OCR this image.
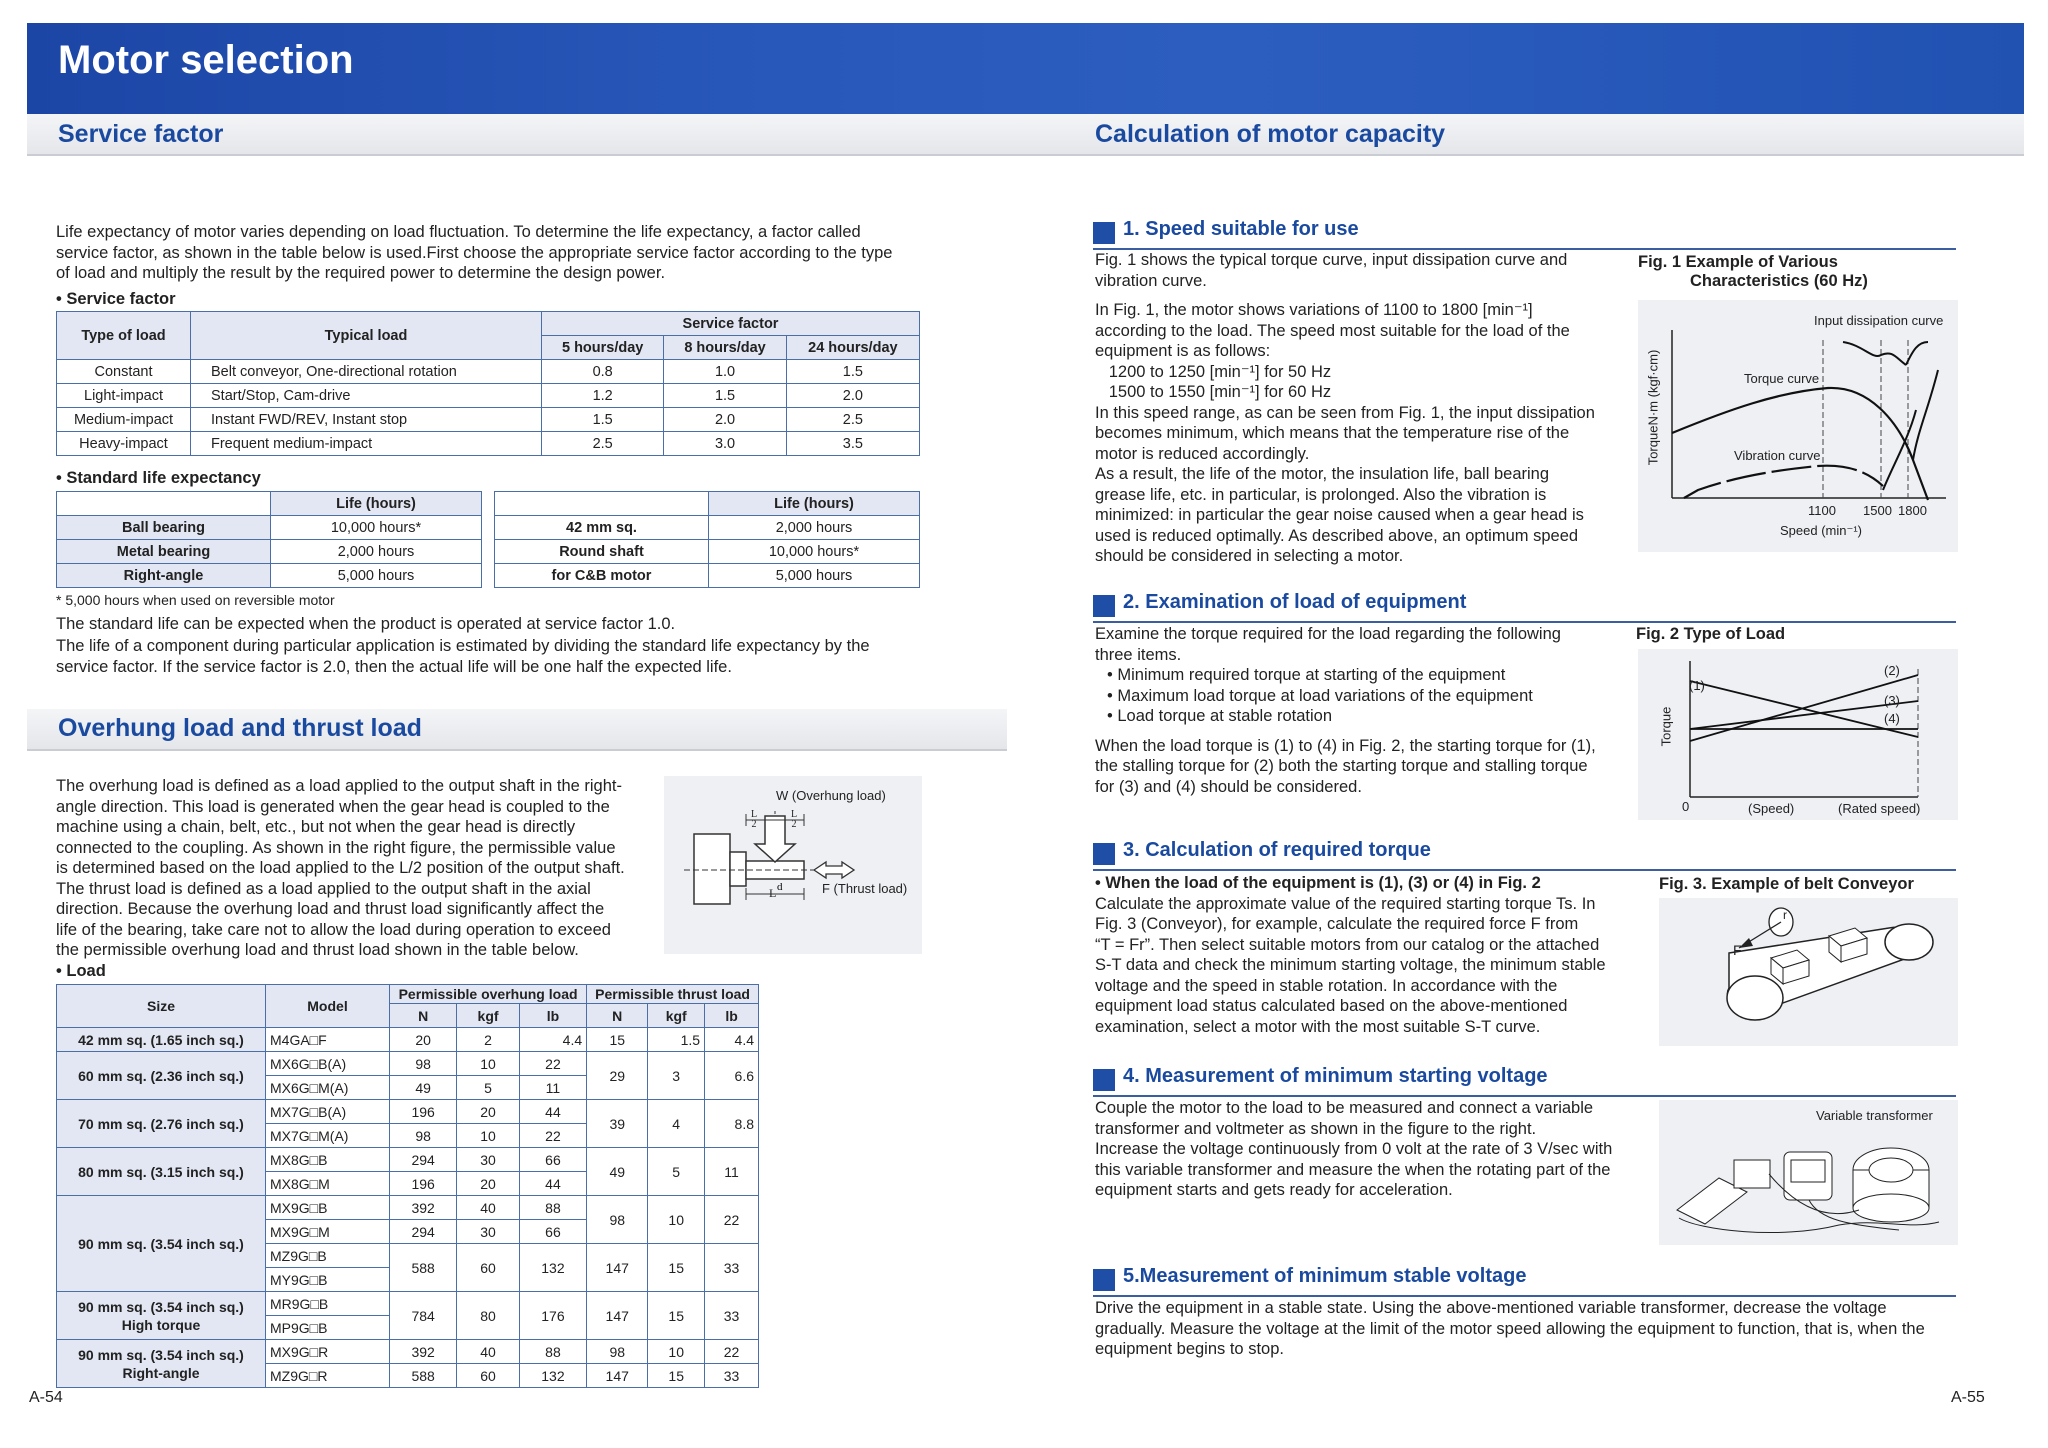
Motor selection
Service factor	Calculation of motor capacity
Life expectancy of motor varies depending on load fluctuation. To determine the life expectancy, a factor called
service factor, as shown in the table below is used.First choose the appropriate service factor according to the type
of load and multiply the result by the required power to determine the design power.
• Service factor
Type of load	Typical load	Service factor		
		5 hours/day	8 hours/day	24 hours/day
Constant	Belt conveyor, One-directional rotation	0.8	1.0	1.5
Light-impact	Start/Stop, Cam-drive	1.2	1.5	2.0
Medium-impact	Instant FWD/REV, Instant stop	1.5	2.0	2.5
Heavy-impact	Frequent medium-impact	2.5	3.0	3.5
• Standard life expectancy
	Life (hours)
Ball bearing	10,000 hours*
Metal bearing	2,000 hours
Right-angle	5,000 hours
	Life (hours)
42 mm sq.	2,000 hours
Round shaft	10,000 hours*
for C&B motor	5,000 hours
* 5,000 hours when used on reversible motor
The standard life can be expected when the product is operated at service factor 1.0.
The life of a component during particular application is estimated by dividing the standard life expectancy by the
service factor. If the service factor is 2.0, then the actual life will be one half the expected life.
Overhung load and thrust load
The overhung load is defined as a load applied to the output shaft in the right-
angle direction. This load is generated when the gear head is coupled to the
machine using a chain, belt, etc., but not when the gear head is directly
connected to the coupling. As shown in the right figure, the permissible value
is determined based on the load applied to the L/2 position of the output shaft.
The thrust load is defined as a load applied to the output shaft in the axial
direction. Because the overhung load and thrust load significantly affect the
life of the bearing, take care not to allow the load during operation to exceed
the permissible overhung load and thrust load shown in the table below.
d
W (Overhung load)
F (Thrust load)
L
L
2
L
2
• Load
Size	Model	Permissible overhung load			Permissible thrust load		
		N	kgf	lb	N	kgf	lb
42 mm sq. (1.65 inch sq.)	M4GA□F	20	2	4.4	15	1.5	4.4
60 mm sq. (2.36 inch sq.)	MX6G□B(A)	98	10	22	29	3	6.6
	MX6G□M(A)	49	5	11			
70 mm sq. (2.76 inch sq.)	MX7G□B(A)	196	20	44	39	4	8.8
	MX7G□M(A)	98	10	22			
80 mm sq. (3.15 inch sq.)	MX8G□B	294	30	66	49	5	11
	MX8G□M	196	20	44			
90 mm sq. (3.54 inch sq.)	MX9G□B	392	40	88	98	10	22
	MX9G□M	294	30	66			
	MZ9G□B	588	60	132	147	15	33
	MY9G□B						

90 mm sq. (3.54 inch sq.)
High torque	MR9G□B	784	80	176	147	15	33
	MP9G□B						

90 mm sq. (3.54 inch sq.)
Right-angle	MX9G□R	392	40	88	98	10	22
	MZ9G□R	588	60	132	147	15	33
A-54
1. Speed suitable for use
Fig. 1 shows the typical torque curve, input dissipation curve and
vibration curve.
In Fig. 1, the motor shows variations of 1100 to 1800 [min⁻¹]
according to the load. The speed most suitable for the load of the
equipment is as follows:
1200 to 1250 [min⁻¹] for 50 Hz
1500 to 1550 [min⁻¹] for 60 Hz
In this speed range, as can be seen from Fig. 1, the input dissipation
becomes minimum, which means that the temperature rise of the
motor is reduced accordingly.
As a result, the life of the motor, the insulation life, ball bearing
grease life, etc. in particular, is prolonged. Also the vibration is
minimized: in particular the gear noise caused when a gear head is
used is reduced optimally. As described above, an optimum speed
should be considered in selecting a motor.
Fig. 1 Example of Various
Characteristics (60 Hz)
Input dissipation curve
Torque curve
Vibration curve
TorqueN·m (kgf·cm)
1100 1500 1800
Speed (min⁻¹)
2. Examination of load of equipment
Examine the torque required for the load regarding the following
three items.
• Minimum required torque at starting of the equipment
• Maximum load torque at load variations of the equipment
• Load torque at stable rotation
When the load torque is (1) to (4) in Fig. 2, the starting torque for (1),
the stalling torque for (2) both the starting torque and stalling torque
for (3) and (4) should be considered.
Fig. 2 Type of Load
(1)
(2)
(3)
(4)
Torque
0	(Speed)	(Rated speed)
3. Calculation of required torque
• When the load of the equipment is (1), (3) or (4) in Fig. 2
Calculate the approximate value of the required starting torque Ts. In
Fig. 3 (Conveyor), for example, calculate the required force F from
“T = Fr”. Then select suitable motors from our catalog or the attached
S-T data and check the minimum starting voltage, the minimum stable
voltage and the speed in stable rotation. In accordance with the
equipment load status calculated based on the above-mentioned
examination, select a motor with the most suitable S-T curve.
Fig. 3. Example of belt Conveyor
F
r
4. Measurement of minimum starting voltage
Couple the motor to the load to be measured and connect a variable
transformer and voltmeter as shown in the figure to the right.
Increase the voltage continuously from 0 volt at the rate of 3 V/sec with
this variable transformer and measure the when the rotating part of the
equipment starts and gets ready for acceleration.
Variable transformer
5.Measurement of minimum stable voltage
Drive the equipment in a stable state. Using the above-mentioned variable transformer, decrease the voltage
gradually. Measure the voltage at the limit of the motor speed allowing the equipment to function, that is, when the
equipment begins to stop.
A-55
